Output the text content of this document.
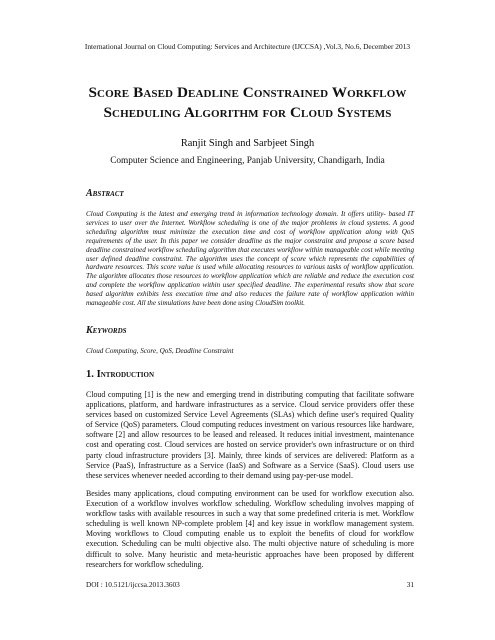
International Journal on Cloud Computing: Services and Architecture (IJCCSA) ,Vol.3, No.6, December 2013
Score Based Deadline Constrained Workflow
Scheduling Algorithm for Cloud Systems
Ranjit Singh and Sarbjeet Singh
Computer Science and Engineering, Panjab University, Chandigarh, India
Abstract
Cloud Computing is the latest and emerging trend in information technology domain. It offers utility- based IT services to user over the Internet. Workflow scheduling is one of the major problems in cloud systems. A good scheduling algorithm must minimize the execution time and cost of workflow application along with QoS requirements of the user. In this paper we consider deadline as the major constraint and propose a score based deadline constrained workflow scheduling algorithm that executes workflow within manageable cost while meeting user defined deadline constraint. The algorithm uses the concept of score which represents the capabilities of hardware resources. This score value is used while allocating resources to various tasks of workflow application. The algorithm allocates those resources to workflow application which are reliable and reduce the execution cost and complete the workflow application within user specified deadline. The experimental results show that score based algorithm exhibits less execution time and also reduces the failure rate of workflow application within manageable cost. All the simulations have been done using CloudSim toolkit.
Keywords
Cloud Computing, Score, QoS, Deadline Constraint
1. Introduction
Cloud computing [1] is the new and emerging trend in distributing computing that facilitate software applications, platform, and hardware infrastructures as a service. Cloud service providers offer these services based on customized Service Level Agreements (SLAs) which define user's required Quality of Service (QoS) parameters. Cloud computing reduces investment on various resources like hardware, software [2] and allow resources to be leased and released. It reduces initial investment, maintenance cost and operating cost. Cloud services are hosted on service provider's own infrastructure or on third party cloud infrastructure providers [3]. Mainly, three kinds of services are delivered: Platform as a Service (PaaS), Infrastructure as a Service (IaaS) and Software as a Service (SaaS). Cloud users use these services whenever needed according to their demand using pay-per-use model.
Besides many applications, cloud computing environment can be used for workflow execution also. Execution of a workflow involves workflow scheduling. Workflow scheduling involves mapping of workflow tasks with available resources in such a way that some predefined criteria is met. Workflow scheduling is well known NP-complete problem [4] and key issue in workflow management system. Moving workflows to Cloud computing enable us to exploit the benefits of cloud for workflow execution. Scheduling can be multi objective also. The multi objective nature of scheduling is more difficult to solve. Many heuristic and meta-heuristic approaches have been proposed by different researchers for workflow scheduling.
DOI : 10.5121/ijccsa.2013.3603	31
